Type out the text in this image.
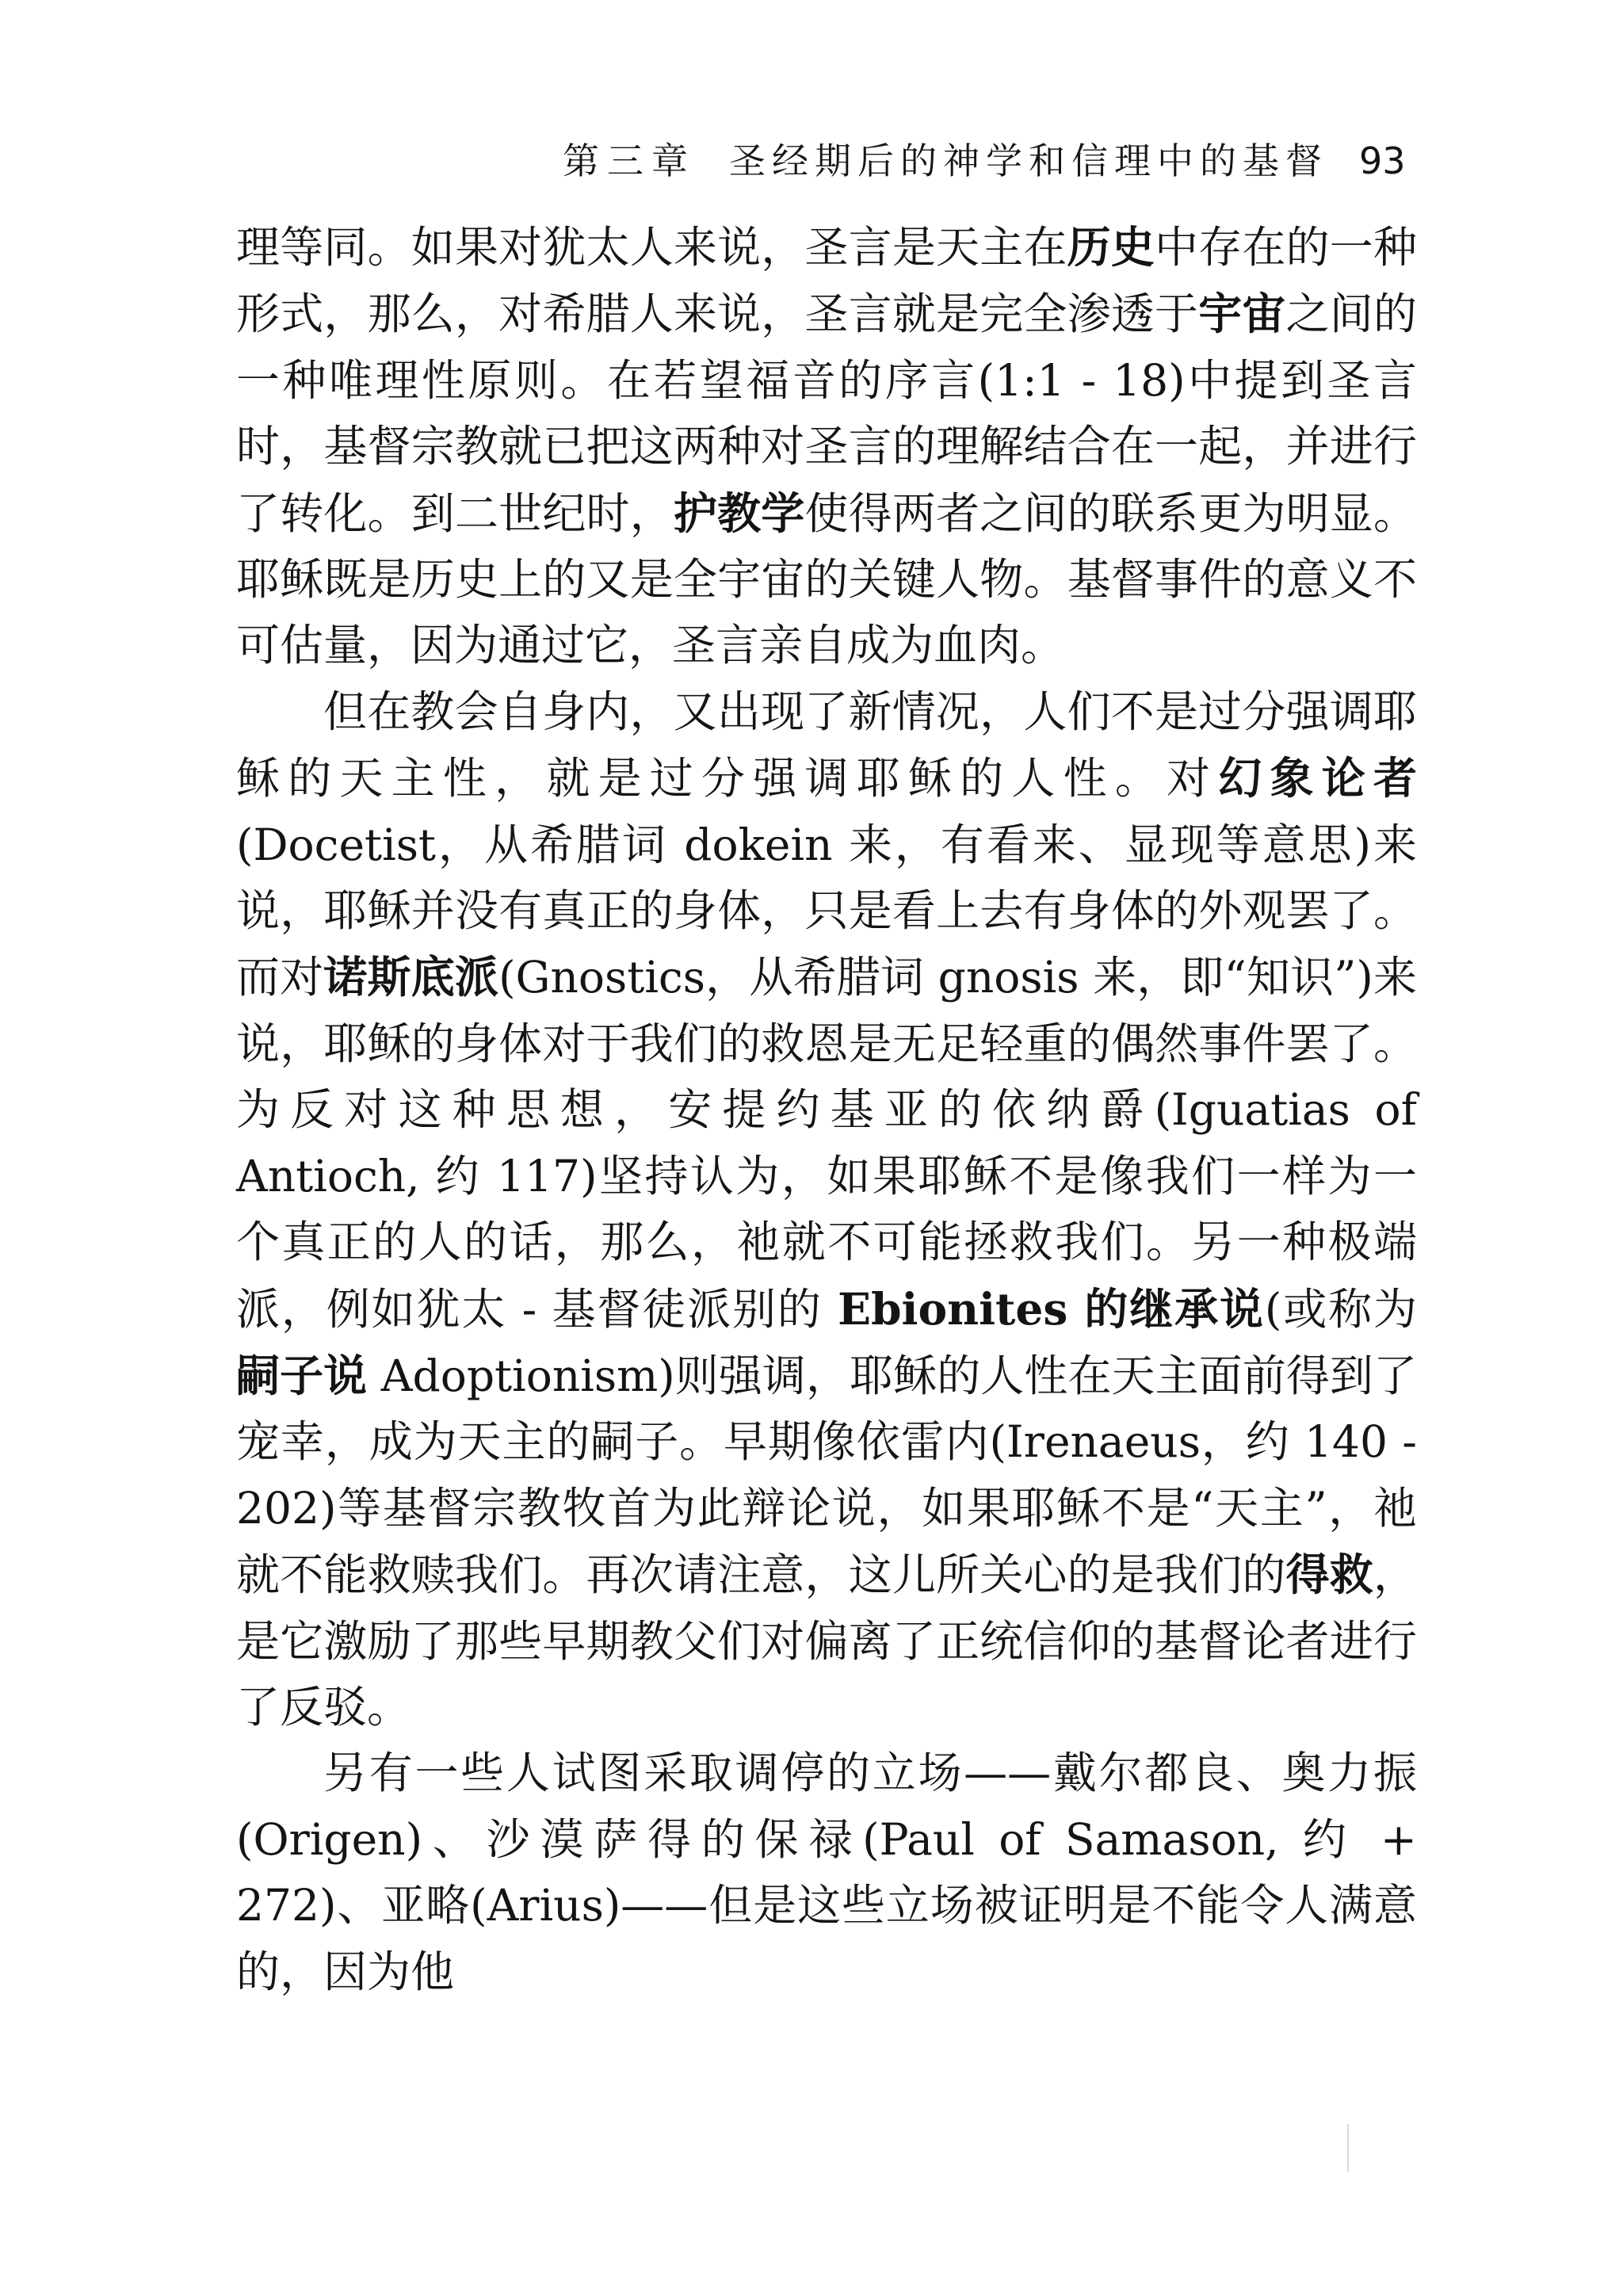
第三章 圣经期后的神学和信理中的基督 93

理等同。如果对犹太人来说，圣言是天主在历史中存在的一种形式，那么，对希腊人来说，圣言就是完全渗透于宇宙之间的一种唯理性原则。在若望福音的序言(1:1 - 18)中提到圣言时，基督宗教就已把这两种对圣言的理解结合在一起，并进行了转化。到二世纪时，护教学使得两者之间的联系更为明显。耶稣既是历史上的又是全宇宙的关键人物。基督事件的意义不可估量，因为通过它，圣言亲自成为血肉。

但在教会自身内，又出现了新情况，人们不是过分强调耶稣的天主性，就是过分强调耶稣的人性。对幻象论者(Docetist，从希腊词 dokein 来，有看来、显现等意思)来说，耶稣并没有真正的身体，只是看上去有身体的外观罢了。而对诺斯底派(Gnostics，从希腊词 gnosis 来，即“知识”)来说，耶稣的身体对于我们的救恩是无足轻重的偶然事件罢了。为反对这种思想，安提约基亚的依纳爵(Iguatias of Antioch, 约 117)坚持认为，如果耶稣不是像我们一样为一个真正的人的话，那么，祂就不可能拯救我们。另一种极端派，例如犹太 - 基督徒派别的 Ebionites 的继承说(或称为嗣子说 Adoptionism)则强调，耶稣的人性在天主面前得到了宠幸，成为天主的嗣子。早期像依雷内(Irenaeus，约 140 - 202)等基督宗教牧首为此辩论说，如果耶稣不是“天主”，祂就不能救赎我们。再次请注意，这儿所关心的是我们的得救，是它激励了那些早期教父们对偏离了正统信仰的基督论者进行了反驳。

另有一些人试图采取调停的立场——戴尔都良、奥力振(Origen)、沙漠萨得的保禄(Paul of Samason, 约 + 272)、亚略(Arius)——但是这些立场被证明是不能令人满意的，因为他
